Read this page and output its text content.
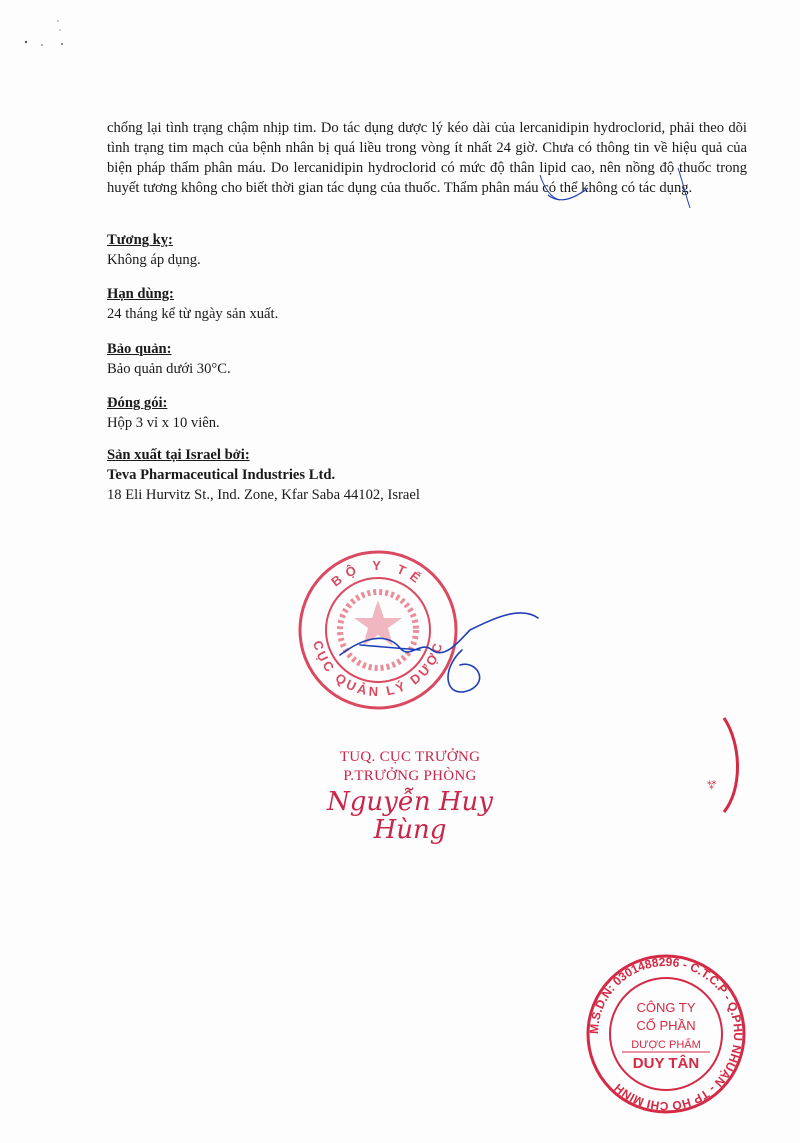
chống lại tình trạng chậm nhịp tim. Do tác dụng dược lý kéo dài của lercanidipin hydroclorid, phải theo dõi tình trạng tim mạch của bệnh nhân bị quá liều trong vòng ít nhất 24 giờ. Chưa có thông tin về hiệu quả của biện pháp thẩm phân máu. Do lercanidipin hydroclorid có mức độ thân lipid cao, nên nồng độ thuốc trong huyết tương không cho biết thời gian tác dụng của thuốc. Thẩm phân máu có thể không có tác dụng.
Tương kỵ:
Không áp dụng.
Hạn dùng:
24 tháng kể từ ngày sản xuất.
Bảo quản:
Bảo quản dưới 30°C.
Đóng gói:
Hộp 3 vỉ x 10 viên.
Sản xuất tại Israel bởi:
Teva Pharmaceutical Industries Ltd.
18 Eli Hurvitz St., Ind. Zone, Kfar Saba 44102, Israel
BỘ Y TẾ
CỤC QUẢN LÝ DƯỢC
TUQ. CỤC TRƯỞNG
P.TRƯỞNG PHÒNG
Nguyễn Huy Hùng
⁂
M.S.D.N: 0301488296 - C.T.C.P - Q.PHÚ NHUẬN - TP HỒ CHÍ MINH
CÔNG TY
CỔ PHẦN
DƯỢC PHẨM
DUY TÂN
